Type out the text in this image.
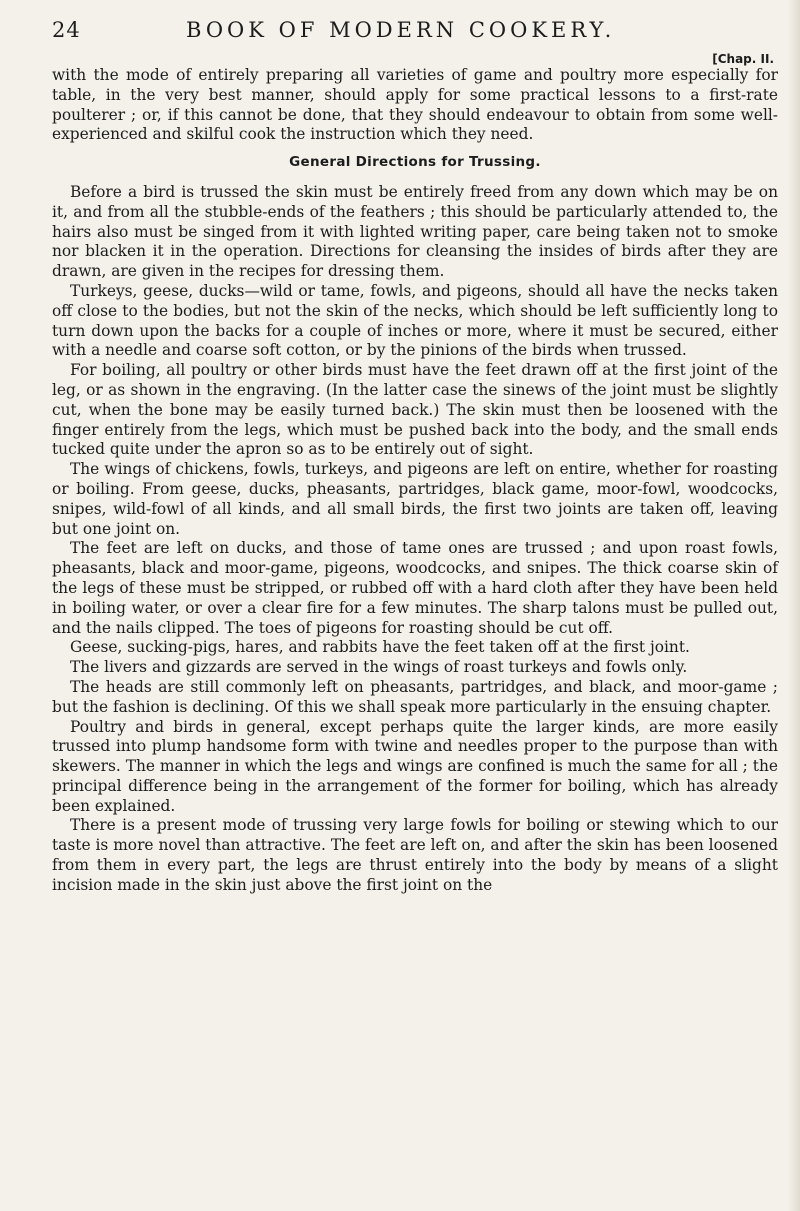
24	BOOK OF MODERN COOKERY.
[Chap. II.

with the mode of entirely preparing all varieties of game and poultry more especially for table, in the very best manner, should apply for some practical lessons to a first-rate poulterer ; or, if this cannot be done, that they should endeavour to obtain from some well-experienced and skilful cook the instruction which they need.

General Directions for Trussing.

Before a bird is trussed the skin must be entirely freed from any down which may be on it, and from all the stubble-ends of the feathers ; this should be particularly attended to, the hairs also must be singed from it with lighted writing paper, care being taken not to smoke nor blacken it in the operation. Directions for cleansing the insides of birds after they are drawn, are given in the recipes for dressing them.

Turkeys, geese, ducks—wild or tame, fowls, and pigeons, should all have the necks taken off close to the bodies, but not the skin of the necks, which should be left sufficiently long to turn down upon the backs for a couple of inches or more, where it must be secured, either with a needle and coarse soft cotton, or by the pinions of the birds when trussed.

For boiling, all poultry or other birds must have the feet drawn off at the first joint of the leg, or as shown in the engraving. (In the latter case the sinews of the joint must be slightly cut, when the bone may be easily turned back.) The skin must then be loosened with the finger entirely from the legs, which must be pushed back into the body, and the small ends tucked quite under the apron so as to be entirely out of sight.

The wings of chickens, fowls, turkeys, and pigeons are left on entire, whether for roasting or boiling. From geese, ducks, pheasants, partridges, black game, moor-fowl, woodcocks, snipes, wild-fowl of all kinds, and all small birds, the first two joints are taken off, leaving but one joint on.

The feet are left on ducks, and those of tame ones are trussed ; and upon roast fowls, pheasants, black and moor-game, pigeons, woodcocks, and snipes. The thick coarse skin of the legs of these must be stripped, or rubbed off with a hard cloth after they have been held in boiling water, or over a clear fire for a few minutes. The sharp talons must be pulled out, and the nails clipped. The toes of pigeons for roasting should be cut off.

Geese, sucking-pigs, hares, and rabbits have the feet taken off at the first joint.

The livers and gizzards are served in the wings of roast turkeys and fowls only.

The heads are still commonly left on pheasants, partridges, and black, and moor-game ; but the fashion is declining. Of this we shall speak more particularly in the ensuing chapter.

Poultry and birds in general, except perhaps quite the larger kinds, are more easily trussed into plump handsome form with twine and needles proper to the purpose than with skewers. The manner in which the legs and wings are confined is much the same for all ; the principal difference being in the arrangement of the former for boiling, which has already been explained.

There is a present mode of trussing very large fowls for boiling or stewing which to our taste is more novel than attractive. The feet are left on, and after the skin has been loosened from them in every part, the legs are thrust entirely into the body by means of a slight incision made in the skin just above the first joint on the
